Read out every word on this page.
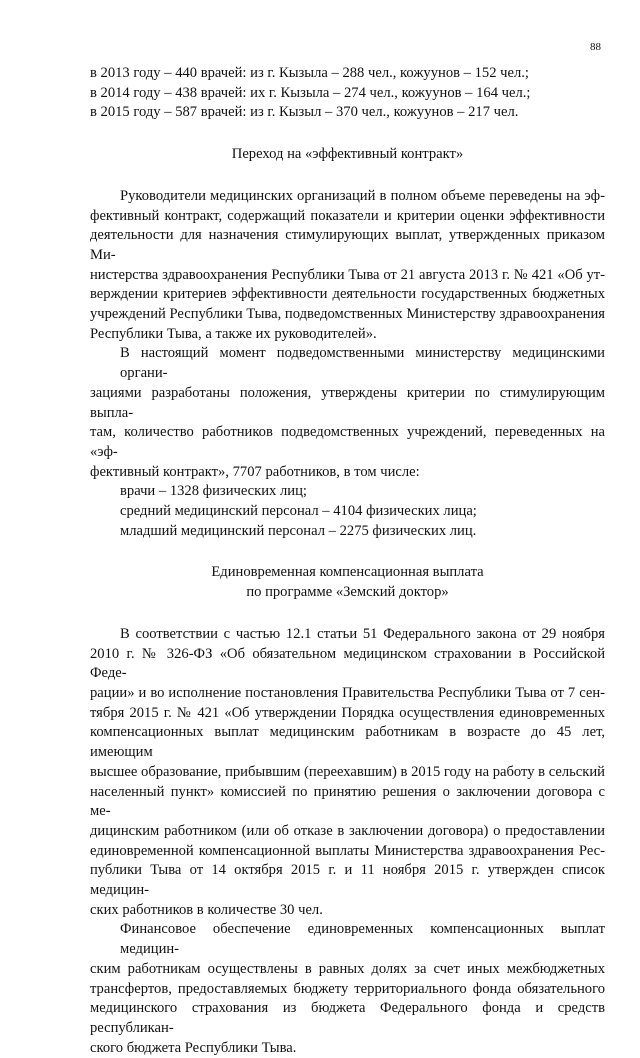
88
в 2013 году – 440 врачей: из г. Кызыла – 288 чел., кожуунов – 152 чел.;
в 2014 году – 438 врачей: их г. Кызыла – 274 чел., кожуунов – 164 чел.;
в 2015 году – 587 врачей: из г. Кызыл – 370 чел., кожуунов – 217 чел.
Переход на «эффективный контракт»
Руководители медицинских организаций в полном объеме переведены на эф-
фективный контракт, содержащий показатели и критерии оценки эффективности
деятельности для назначения стимулирующих выплат, утвержденных приказом Ми-
нистерства здравоохранения Республики Тыва от 21 августа 2013 г. № 421 «Об ут-
верждении критериев эффективности деятельности государственных бюджетных
учреждений Республики Тыва, подведомственных Министерству здравоохранения
Республики Тыва, а также их руководителей».
В настоящий момент подведомственными министерству медицинскими органи-
зациями разработаны положения, утверждены критерии по стимулирующим выпла-
там, количество работников подведомственных учреждений, переведенных на «эф-
фективный контракт», 7707 работников, в том числе:
врачи – 1328 физических лиц;
средний медицинский персонал – 4104 физических лица;
младший медицинский персонал – 2275 физических лиц.
Единовременная компенсационная выплата
по программе «Земский доктор»
В соответствии с частью 12.1 статьи 51 Федерального закона от 29 ноября
2010 г. № 326-ФЗ «Об обязательном медицинском страховании в Российской Феде-
рации» и во исполнение постановления Правительства Республики Тыва от 7 сен-
тября 2015 г. № 421 «Об утверждении Порядка осуществления единовременных
компенсационных выплат медицинским работникам в возрасте до 45 лет, имеющим
высшее образование, прибывшим (переехавшим) в 2015 году на работу в сельский
населенный пункт» комиссией по принятию решения о заключении договора с ме-
дицинским работником (или об отказе в заключении договора) о предоставлении
единовременной компенсационной выплаты Министерства здравоохранения Рес-
публики Тыва от 14 октября 2015 г. и 11 ноября 2015 г. утвержден список медицин-
ских работников в количестве 30 чел.
Финансовое обеспечение единовременных компенсационных выплат медицин-
ским работникам осуществлены в равных долях за счет иных межбюджетных
трансфертов, предоставляемых бюджету территориального фонда обязательного
медицинского страхования из бюджета Федерального фонда и средств республикан-
ского бюджета Республики Тыва.
